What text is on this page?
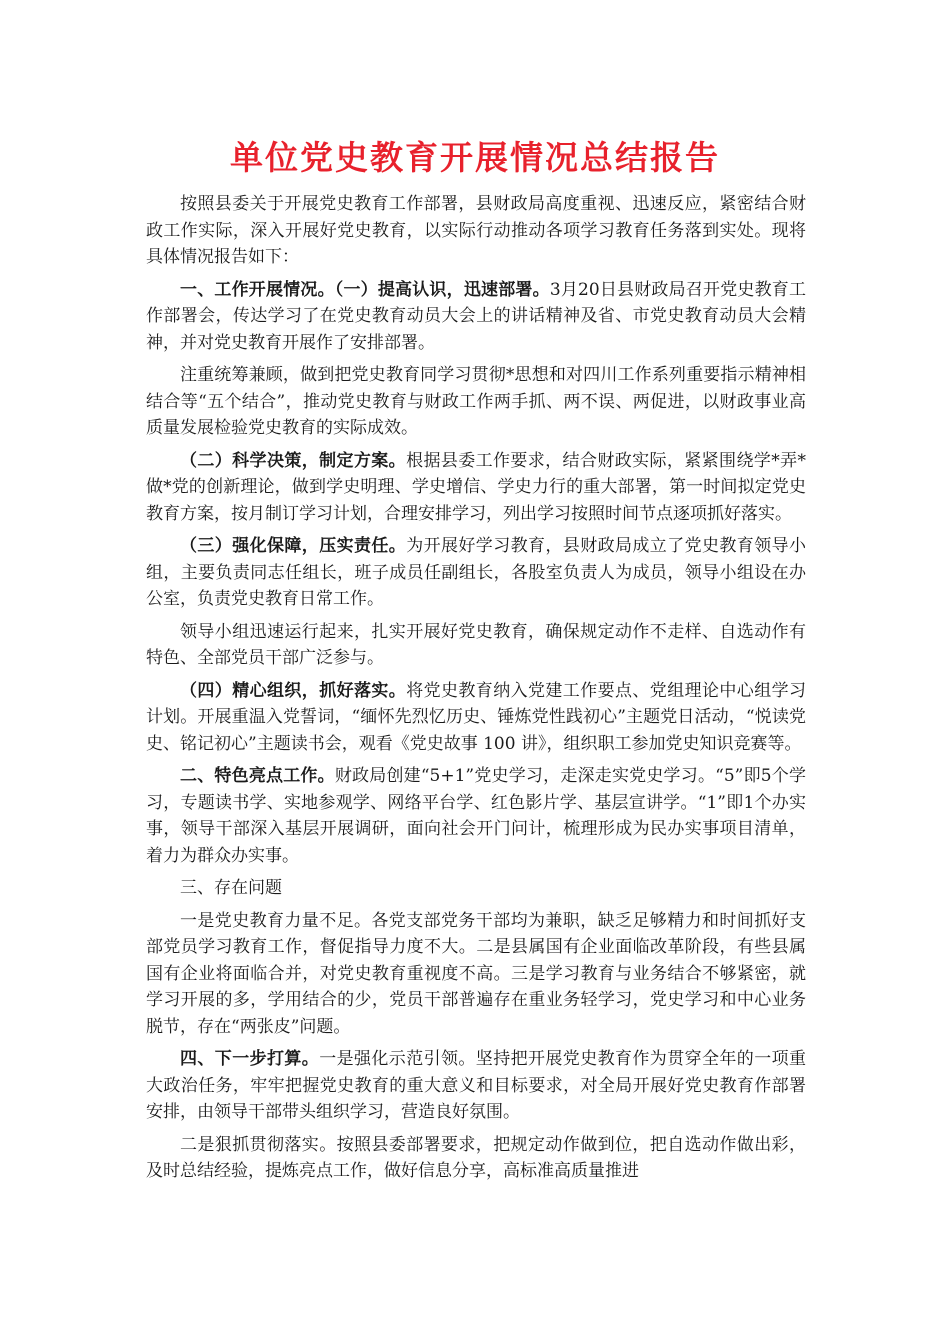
单位党史教育开展情况总结报告

按照县委关于开展党史教育工作部署，县财政局高度重视、迅速反应，紧密结合财政工作实际，深入开展好党史教育，以实际行动推动各项学习教育任务落到实处。现将具体情况报告如下：

一、工作开展情况。（一）提高认识，迅速部署。3月20日县财政局召开党史教育工作部署会，传达学习了在党史教育动员大会上的讲话精神及省、市党史教育动员大会精神，并对党史教育开展作了安排部署。

注重统筹兼顾，做到把党史教育同学习贯彻*思想和对四川工作系列重要指示精神相结合等“五个结合”，推动党史教育与财政工作两手抓、两不误、两促进，以财政事业高质量发展检验党史教育的实际成效。

（二）科学决策，制定方案。根据县委工作要求，结合财政实际，紧紧围绕学*弄*做*党的创新理论，做到学史明理、学史增信、学史力行的重大部署，第一时间拟定党史教育方案，按月制订学习计划，合理安排学习，列出学习按照时间节点逐项抓好落实。

（三）强化保障，压实责任。为开展好学习教育，县财政局成立了党史教育领导小组，主要负责同志任组长，班子成员任副组长，各股室负责人为成员，领导小组设在办公室，负责党史教育日常工作。

领导小组迅速运行起来，扎实开展好党史教育，确保规定动作不走样、自选动作有特色、全部党员干部广泛参与。

（四）精心组织，抓好落实。将党史教育纳入党建工作要点、党组理论中心组学习计划。开展重温入党誓词，“缅怀先烈忆历史、锤炼党性践初心”主题党日活动，“悦读党史、铭记初心”主题读书会，观看《党史故事 100 讲》，组织职工参加党史知识竞赛等。

二、特色亮点工作。财政局创建“5+1”党史学习，走深走实党史学习。“5”即5个学习，专题读书学、实地参观学、网络平台学、红色影片学、基层宣讲学。“1”即1个办实事，领导干部深入基层开展调研，面向社会开门问计，梳理形成为民办实事项目清单，着力为群众办实事。

三、存在问题

一是党史教育力量不足。各党支部党务干部均为兼职，缺乏足够精力和时间抓好支部党员学习教育工作，督促指导力度不大。二是县属国有企业面临改革阶段，有些县属国有企业将面临合并，对党史教育重视度不高。三是学习教育与业务结合不够紧密，就学习开展的多，学用结合的少，党员干部普遍存在重业务轻学习，党史学习和中心业务脱节，存在“两张皮”问题。

四、下一步打算。一是强化示范引领。坚持把开展党史教育作为贯穿全年的一项重大政治任务，牢牢把握党史教育的重大意义和目标要求，对全局开展好党史教育作部署安排，由领导干部带头组织学习，营造良好氛围。

二是狠抓贯彻落实。按照县委部署要求，把规定动作做到位，把自选动作做出彩，及时总结经验，提炼亮点工作，做好信息分享，高标准高质量推进
